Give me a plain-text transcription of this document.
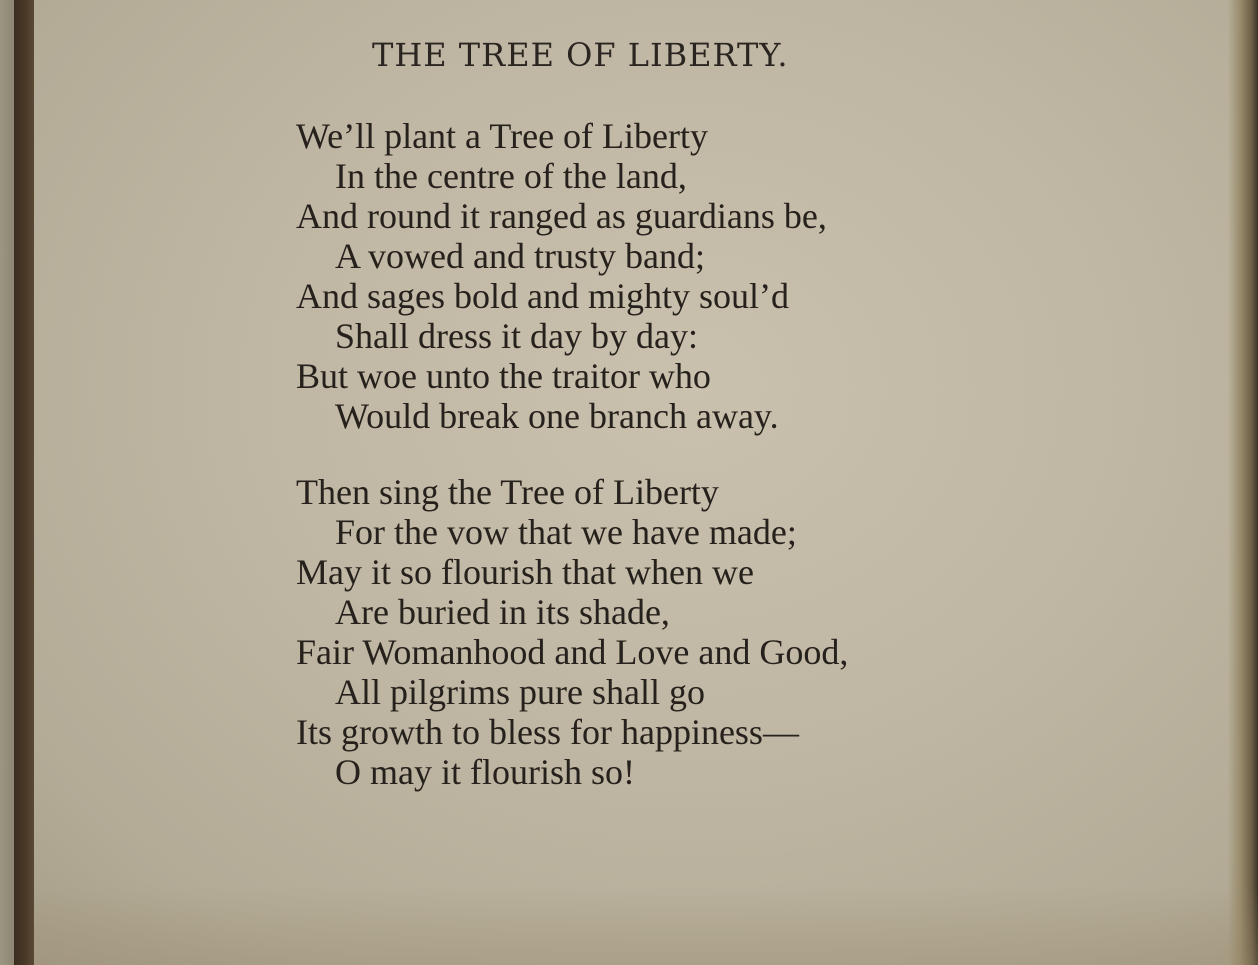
THE TREE OF LIBERTY.

We’ll plant a Tree of Liberty
In the centre of the land,
And round it ranged as guardians be,
A vowed and trusty band;
And sages bold and mighty soul’d
Shall dress it day by day:
But woe unto the traitor who
Would break one branch away.

Then sing the Tree of Liberty
For the vow that we have made;
May it so flourish that when we
Are buried in its shade,
Fair Womanhood and Love and Good,
All pilgrims pure shall go
Its growth to bless for happiness—
O may it flourish so!
